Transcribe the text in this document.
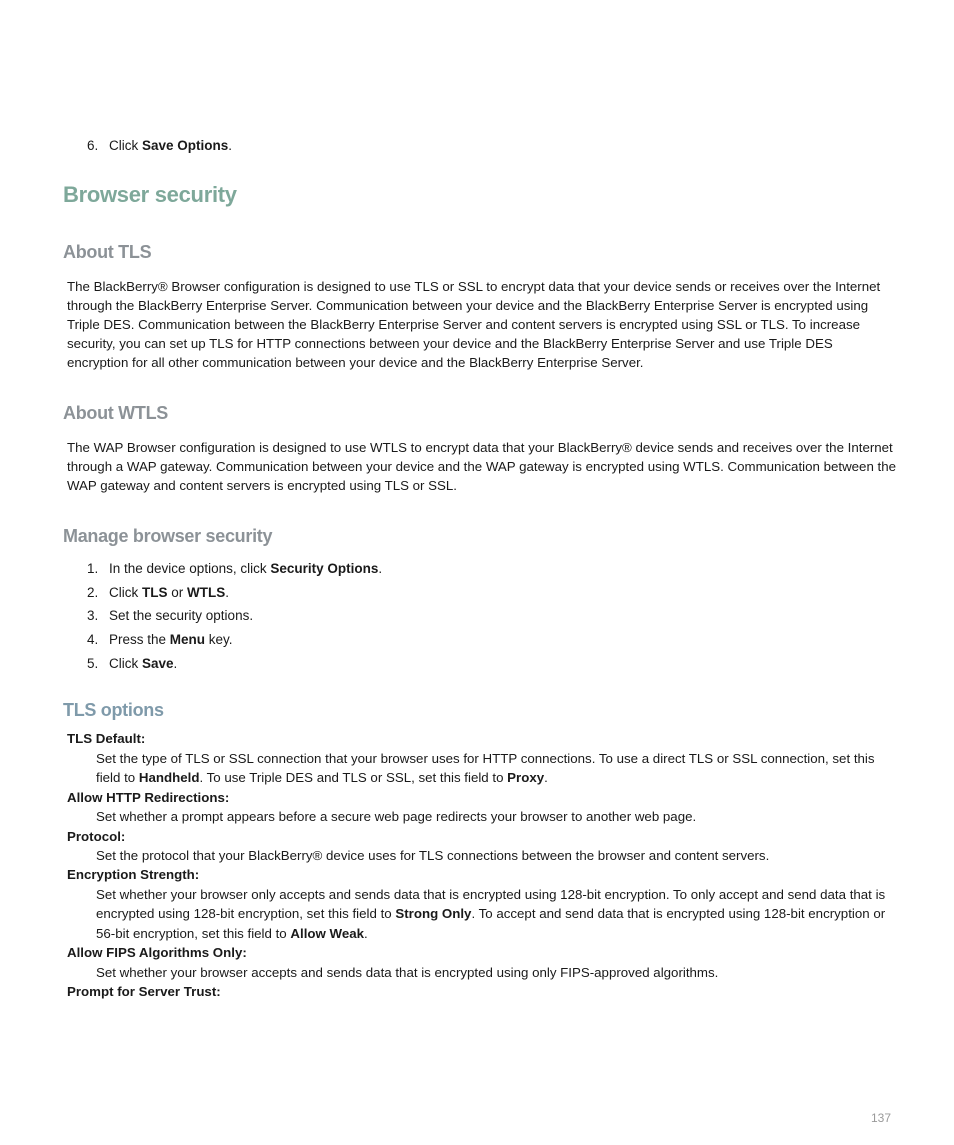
6. Click Save Options.
Browser security
About TLS

The BlackBerry® Browser configuration is designed to use TLS or SSL to encrypt data that your device sends or receives over the Internet through the BlackBerry Enterprise Server. Communication between your device and the BlackBerry Enterprise Server is encrypted using Triple DES. Communication between the BlackBerry Enterprise Server and content servers is encrypted using SSL or TLS. To increase security, you can set up TLS for HTTP connections between your device and the BlackBerry Enterprise Server and use Triple DES encryption for all other communication between your device and the BlackBerry Enterprise Server.

About WTLS

The WAP Browser configuration is designed to use WTLS to encrypt data that your BlackBerry® device sends and receives over the Internet through a WAP gateway. Communication between your device and the WAP gateway is encrypted using WTLS. Communication between the WAP gateway and content servers is encrypted using TLS or SSL.

Manage browser security
1. In the device options, click Security Options.
2. Click TLS or WTLS.
3. Set the security options.
4. Press the Menu key.
5. Click Save.
TLS options
TLS Default:

Set the type of TLS or SSL connection that your browser uses for HTTP connections. To use a direct TLS or SSL connection, set this field to Handheld. To use Triple DES and TLS or SSL, set this field to Proxy.

Allow HTTP Redirections:

Set whether a prompt appears before a secure web page redirects your browser to another web page.

Protocol:

Set the protocol that your BlackBerry® device uses for TLS connections between the browser and content servers.

Encryption Strength:

Set whether your browser only accepts and sends data that is encrypted using 128-bit encryption. To only accept and send data that is encrypted using 128-bit encryption, set this field to Strong Only. To accept and send data that is encrypted using 128-bit encryption or 56-bit encryption, set this field to Allow Weak.

Allow FIPS Algorithms Only:

Set whether your browser accepts and sends data that is encrypted using only FIPS-approved algorithms.

Prompt for Server Trust:
137
